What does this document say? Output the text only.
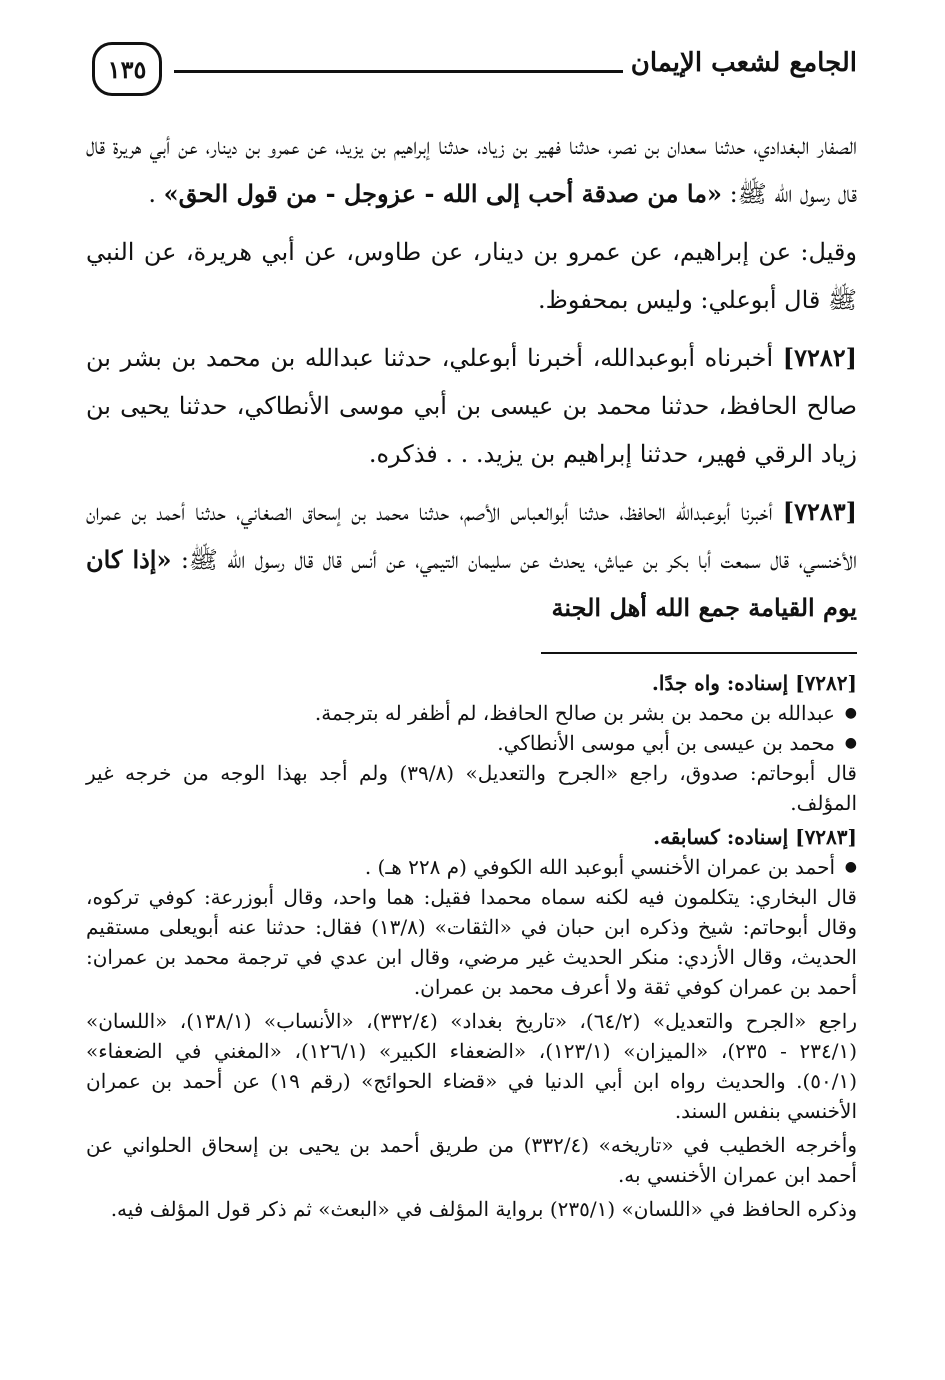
الجامع لشعب الإيمان
١٣٥

الصفار البغدادي، حدثنا سعدان بن نصر، حدثنا فهير بن زياد، حدثنا إبراهيم بن يزيد، عن عمرو بن دينار، عن أبي هريرة قال قال رسول الله ﷺ: «ما من صدقة أحب إلى الله - عزوجل - من قول الحق» .

وقيل: عن إبراهيم، عن عمرو بن دينار، عن طاوس، عن أبي هريرة، عن النبي ﷺ قال أبوعلي: وليس بمحفوظ.

[٧٢٨٢] أخبرناه أبوعبدالله، أخبرنا أبوعلي، حدثنا عبدالله بن محمد بن بشر بن صالح الحافظ، حدثنا محمد بن عيسى بن أبي موسى الأنطاكي، حدثنا يحيى بن زياد الرقي فهير، حدثنا إبراهيم بن يزيد. . . فذكره.

[٧٢٨٣] أخبرنا أبوعبدالله الحافظ، حدثنا أبوالعباس الأصم، حدثنا محمد بن إسحاق الصغاني، حدثنا أحمد بن عمران الأخنسي، قال سمعت أبا بكر بن عياش، يحدث عن سليمان التيمي، عن أنس قال قال رسول الله ﷺ: «إذا كان يوم القيامة جمع الله أهل الجنة

[٧٢٨٢] إسناده: واه جدًا.

● عبدالله بن محمد بن بشر بن صالح الحافظ، لم أظفر له بترجمة.

● محمد بن عيسى بن أبي موسى الأنطاكي.

قال أبوحاتم: صدوق، راجع «الجرح والتعديل» (٣٩/٨) ولم أجد بهذا الوجه من خرجه غير المؤلف.

[٧٢٨٣] إسناده: كسابقه.

● أحمد بن عمران الأخنسي أبوعبد الله الكوفي (م ٢٢٨ هـ) .

قال البخاري: يتكلمون فيه لكنه سماه محمدا فقيل: هما واحد، وقال أبوزرعة: كوفي تركوه، وقال أبوحاتم: شيخ وذكره ابن حبان في «الثقات» (١٣/٨) فقال: حدثنا عنه أبويعلى مستقيم الحديث، وقال الأزدي: منكر الحديث غير مرضي، وقال ابن عدي في ترجمة محمد بن عمران: أحمد بن عمران كوفي ثقة ولا أعرف محمد بن عمران.

راجع «الجرح والتعديل» (٦٤/٢)، «تاريخ بغداد» (٣٣٢/٤)، «الأنساب» (١٣٨/١)، «اللسان» (٢٣٤/١ - ٢٣٥)، «الميزان» (١٢٣/١)، «الضعفاء الكبير» (١٢٦/١)، «المغني في الضعفاء» (٥٠/١). والحديث رواه ابن أبي الدنيا في «قضاء الحوائج» (رقم ١٩) عن أحمد بن عمران الأخنسي بنفس السند.

وأخرجه الخطيب في «تاريخه» (٣٣٢/٤) من طريق أحمد بن يحيى بن إسحاق الحلواني عن أحمد ابن عمران الأخنسي به.

وذكره الحافظ في «اللسان» (٢٣٥/١) برواية المؤلف في «البعث» ثم ذكر قول المؤلف فيه.
